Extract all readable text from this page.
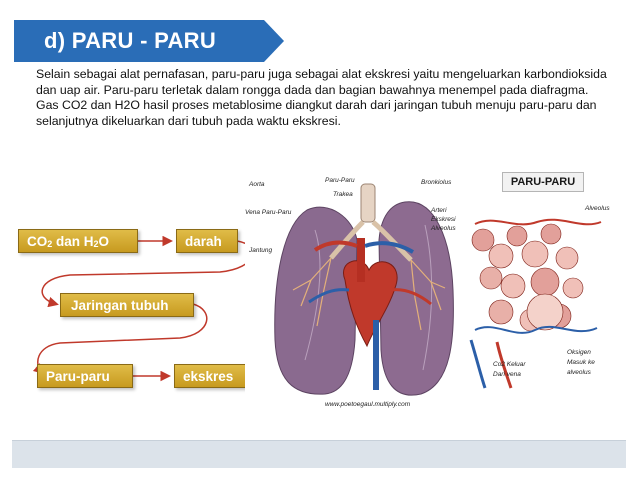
d) PARU - PARU

Selain sebagai alat pernafasan, paru-paru juga sebagai alat ekskresi yaitu mengeluarkan karbondioksida dan uap air. Paru-paru terletak dalam rongga dada dan bagian bawahnya menempel pada diafragma.

Gas CO2 dan H2O hasil proses metablosime diangkut darah dari jaringan tubuh menuju paru-paru dan selanjutnya dikeluarkan dari tubuh pada waktu ekskresi.

$CO_2$ dan $H_2O$	darah
Jaringan tubuh
Paru-paru	ekskres
Aorta
Paru-Paru	Bronkiolus
Trakea
Vena Paru-Paru	Arteri
Ekskresi
Alveolus
Jantung
Alveolus
Oksigen
Masuk ke
alveolus
Co2 Keluar
Dari vena
www.poetoegaul.multiply.com
PARU-PARU
